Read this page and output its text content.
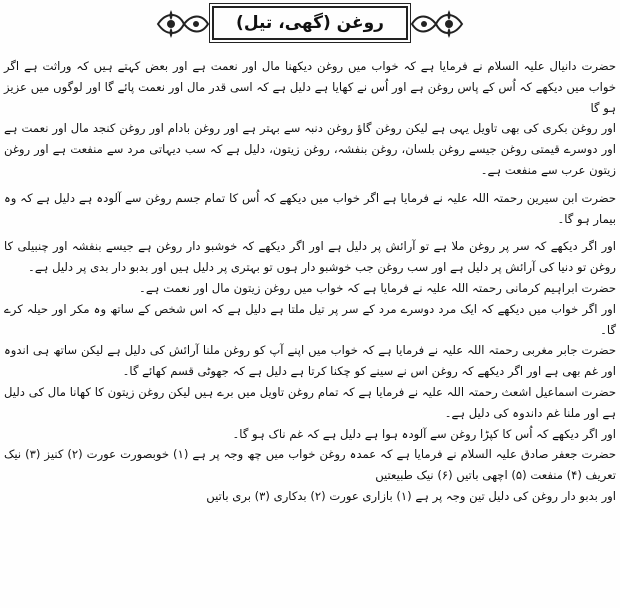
روغن (گھی، تیل)

حضرت دانیال علیہ السلام نے فرمایا ہے کہ خواب میں روغن دیکھنا مال اور نعمت ہے اور بعض کہتے ہیں کہ وراثت ہے اگر خواب میں دیکھے کہ اُس کے پاس روغن ہے اور اُس نے کھایا ہے دلیل ہے کہ اسی قدر مال اور نعمت پائے گا اور لوگوں میں عزیز ہو گا

اور روغن بکری کی بھی تاویل یہی ہے لیکن روغن گاؤ روغن دنبہ سے بہتر ہے اور روغن بادام اور روغن کنجد مال اور نعمت ہے اور دوسرے قیمتی روغن جیسے روغن بلسان، روغن بنفشہ، روغن زیتون، دلیل ہے کہ سب دیہاتی مرد سے منفعت ہے اور روغن زیتون عرب سے منفعت ہے۔

حضرت ابن سیرین رحمتہ اللہ علیہ نے فرمایا ہے اگر خواب میں دیکھے کہ اُس کا تمام جسم روغن سے آلودہ ہے دلیل ہے کہ وہ بیمار ہو گا۔

اور اگر دیکھے کہ سر پر روغن ملا ہے تو آرائش پر دلیل ہے اور اگر دیکھے کہ خوشبو دار روغن ہے جیسے بنفشہ اور چنبیلی کا روغن تو دنیا کی آرائش پر دلیل ہے اور سب روغن جب خوشبو دار ہوں تو بہتری پر دلیل ہیں اور بدبو دار بدی پر دلیل ہے۔

حضرت ابراہیم کرمانی رحمتہ اللہ علیہ نے فرمایا ہے کہ خواب میں روغن زیتون مال اور نعمت ہے۔

اور اگر خواب میں دیکھے کہ ایک مرد دوسرے مرد کے سر پر تیل ملتا ہے دلیل ہے کہ اس شخص کے ساتھ وہ مکر اور حیلہ کرے گا۔

حضرت جابر مغربی رحمتہ اللہ علیہ نے فرمایا ہے کہ خواب میں اپنے آپ کو روغن ملنا آرائش کی دلیل ہے لیکن ساتھ ہی اندوہ اور غم بھی ہے اور اگر دیکھے کہ روغن اس نے سینے کو چکنا کرتا ہے دلیل ہے کہ جھوٹی قسم کھائے گا۔

حضرت اسماعیل اشعث رحمتہ اللہ علیہ نے فرمایا ہے کہ تمام روغن تاویل میں برے ہیں لیکن روغن زیتون کا کھانا مال کی دلیل ہے اور ملنا غم داندوہ کی دلیل ہے۔

اور اگر دیکھے کہ اُس کا کپڑا روغن سے آلودہ ہوا ہے دلیل ہے کہ غم ناک ہو گا۔

حضرت جعفر صادق علیہ السلام نے فرمایا ہے کہ عمدہ روغن خواب میں چھ وجہ پر ہے (۱) خوبصورت عورت (۲) کنیز (۳) نیک تعریف (۴) منفعت (۵) اچھی باتیں (۶) نیک طبیعتیں

اور بدبو دار روغن کی دلیل تین وجہ پر ہے (۱) بازاری عورت (۲) بدکاری (۳) بری باتیں
